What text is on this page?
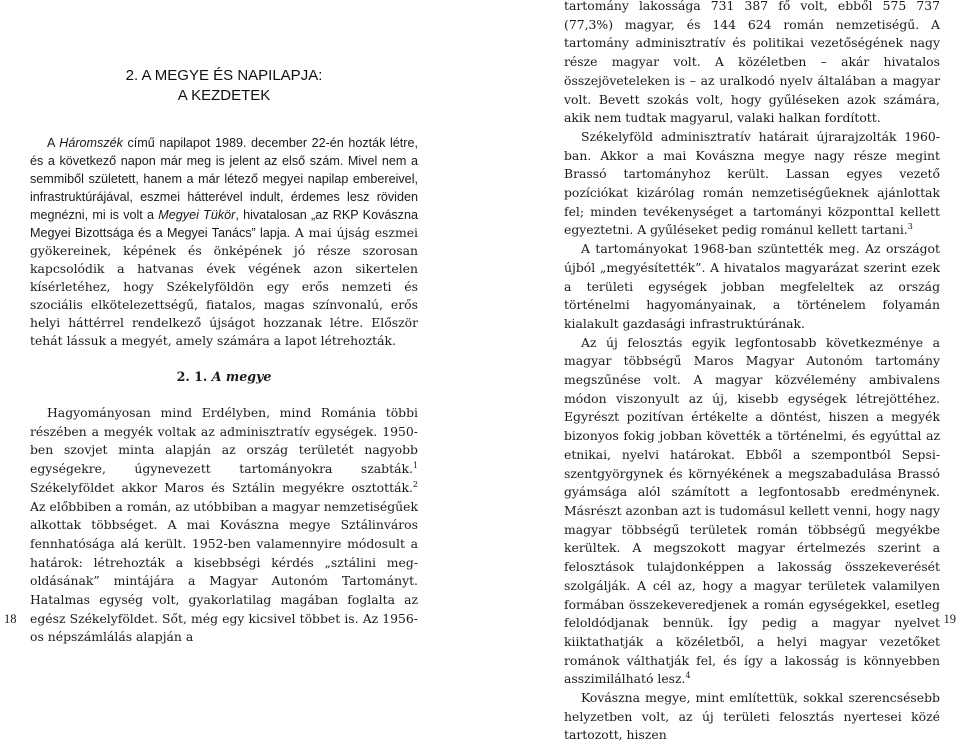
2. A MEGYE ÉS NAPILAPJA:
A KEZDETEK

A Háromszék című napilapot 1989. december 22-én hozták létre, és a következő napon már meg is jelent az első szám. Mivel nem a semmiből született, hanem a már létező megyei napilap embereivel, infrastruktúrájával, eszmei hátterével indult, érdemes lesz röviden megnézni, mi is volt a Megyei Tükör, hivatalosan „az RKP Kovászna Megyei Bizottsága és a Megyei Tanács” lapja. A mai újság eszmei gyökereinek, képének és önképének jó része szorosan kapcsolódik a hatvanas évek végének azon sikertelen kísérletéhez, hogy Székelyföldön egy erős nemzeti és szociális elkötelezettségű, fiatalos, magas színvonalú, erős helyi háttérrel rendelkező újságot hozzanak létre. Először tehát lássuk a megyét, amely számára a lapot létrehozták.

2. 1. A megye

Hagyományosan mind Erdélyben, mind Románia többi részében a megyék voltak az adminisztratív egységek. 1950-ben szovjet minta alapján az ország területét nagyobb egységekre, úgynevezett tartományokra szabták.$^1$ Székelyföldet akkor Maros és Sztálin megyékre osztották.$^2$ Az előbbiben a román, az utóbbiban a magyar nemzetiségűek alkottak többséget. A mai Kovászna megye Sztálinváros fennhatósága alá került. 1952-ben valamennyire módosult a határok: létrehozták a kisebbségi kérdés „sztálini megoldásának” mintájára a Magyar Autonóm Tartományt. Hatalmas egység volt, gyakorlatilag magában foglalta az egész Székelyföldet. Sőt, még egy kicsivel többet is. Az 1956-os népszámlálás alapján a

18

tartomány lakossága 731 387 fő volt, ebből 575 737 (77,3%) magyar, és 144 624 román nemzetiségű. A tartomány adminisztratív és politikai vezetőségének nagy része magyar volt. A közéletben – akár hivatalos összejöveteleken is – az uralkodó nyelv általában a magyar volt. Bevett szokás volt, hogy gyűléseken azok számára, akik nem tudtak magyarul, valaki halkan fordított.

Székelyföld adminisztratív határait újrarajzolták 1960-ban. Akkor a mai Kovászna megye nagy része megint Brassó tartományhoz került. Lassan egyes vezető pozíciókat kizárólag román nemzetiségűeknek ajánlottak fel; minden tevékenységet a tartományi központtal kellett egyeztetni. A gyűléseket pedig románul kellett tartani.$^3$

A tartományokat 1968-ban szüntették meg. Az országot újból „megyésítették”. A hivatalos magyarázat szerint ezek a területi egységek jobban megfeleltek az ország történelmi hagyományainak, a történelem folyamán kialakult gazdasági infrastruktúrának.

Az új felosztás egyik legfontosabb következménye a magyar többségű Maros Magyar Autonóm tartomány megszűnése volt. A magyar közvélemény ambivalens módon viszonyult az új, kisebb egységek létrejöttéhez. Egyrészt pozitívan értékelte a döntést, hiszen a megyék bizonyos fokig jobban követték a történelmi, és egyúttal az etnikai, nyelvi határokat. Ebből a szempontból Sepsiszentgyörgynek és környékének a megszabadulása Brassó gyámsága alól számított a legfontosabb eredménynek. Másrészt azonban azt is tudomásul kellett venni, hogy nagy magyar többségű területek román többségű megyékbe kerültek. A megszokott magyar értelmezés szerint a felosztások tulajdonképpen a lakosság összekeverését szolgálják. A cél az, hogy a magyar területek valamilyen formában összekeveredjenek a román egységekkel, esetleg feloldódjanak bennük. Így pedig a magyar nyelvet kiiktathatják a közéletből, a helyi magyar vezetőket románok válthatják fel, és így a lakosság is könnyebben asszimilálható lesz.$^4$

Kovászna megye, mint említettük, sokkal szerencsésebb helyzetben volt, az új területi felosztás nyertesei közé tartozott, hiszen

19
